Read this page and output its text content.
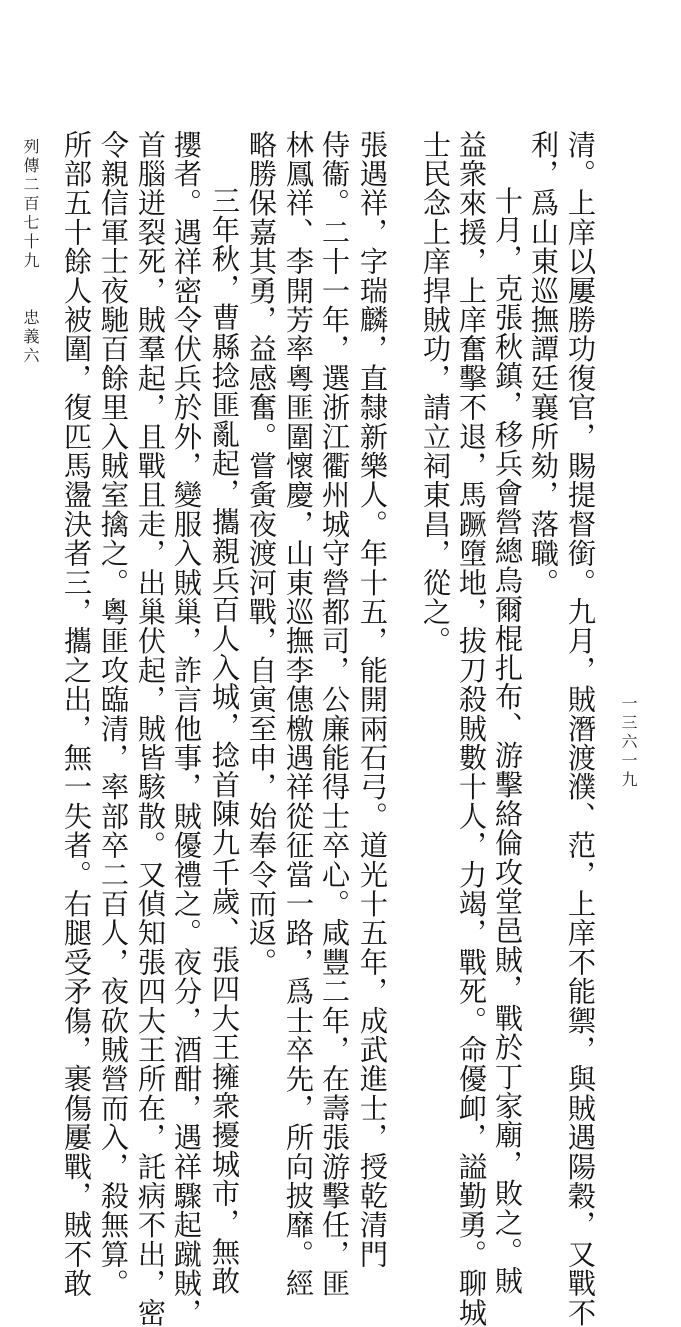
清。上庠以屢勝功復官，賜提督銜。九月，賊潛渡濮、范，上庠不能禦，與賊遇陽穀，又戰不
利，爲山東巡撫譚廷襄所劾，落職。
十月，克張秋鎮，移兵會營總烏爾棍扎布、游擊絡倫攻堂邑賊，戰於丁家廟，敗之。賊
益衆來援，上庠奮擊不退，馬蹶墮地，拔刀殺賊數十人，力竭，戰死。命優卹，謚勤勇。聊城
士民念上庠捍賊功，請立祠東昌，從之。
張遇祥，字瑞麟，直隸新樂人。年十五，能開兩石弓。道光十五年，成武進士，授乾清門
侍衞。二十一年，選浙江衢州城守營都司，公廉能得士卒心。咸豐二年，在壽張游擊任，匪
林鳳祥、李開芳率粵匪圍懷慶，山東巡撫李僡檄遇祥從征當一路，爲士卒先，所向披靡。經
略勝保嘉其勇，益感奮。嘗夤夜渡河戰，自寅至申，始奉令而返。
三年秋，曹縣捻匪亂起，攜親兵百人入城，捻首陳九千歲、張四大王擁衆擾城市，無敢
攖者。遇祥密令伏兵於外，變服入賊巢，詐言他事，賊優禮之。夜分，酒酣，遇祥驟起蹴賊，
首腦迸裂死，賊羣起，且戰且走，出巢伏起，賊皆駭散。又偵知張四大王所在，託病不出，密
令親信軍士夜馳百餘里入賊室擒之。粵匪攻臨清，率部卒二百人，夜砍賊營而入，殺無算。
所部五十餘人被圍，復匹馬盪決者三，攜之出，無一失者。右腿受矛傷，裹傷屢戰，賊不敢
列傳二百七十九　　忠義六
一三六一九
